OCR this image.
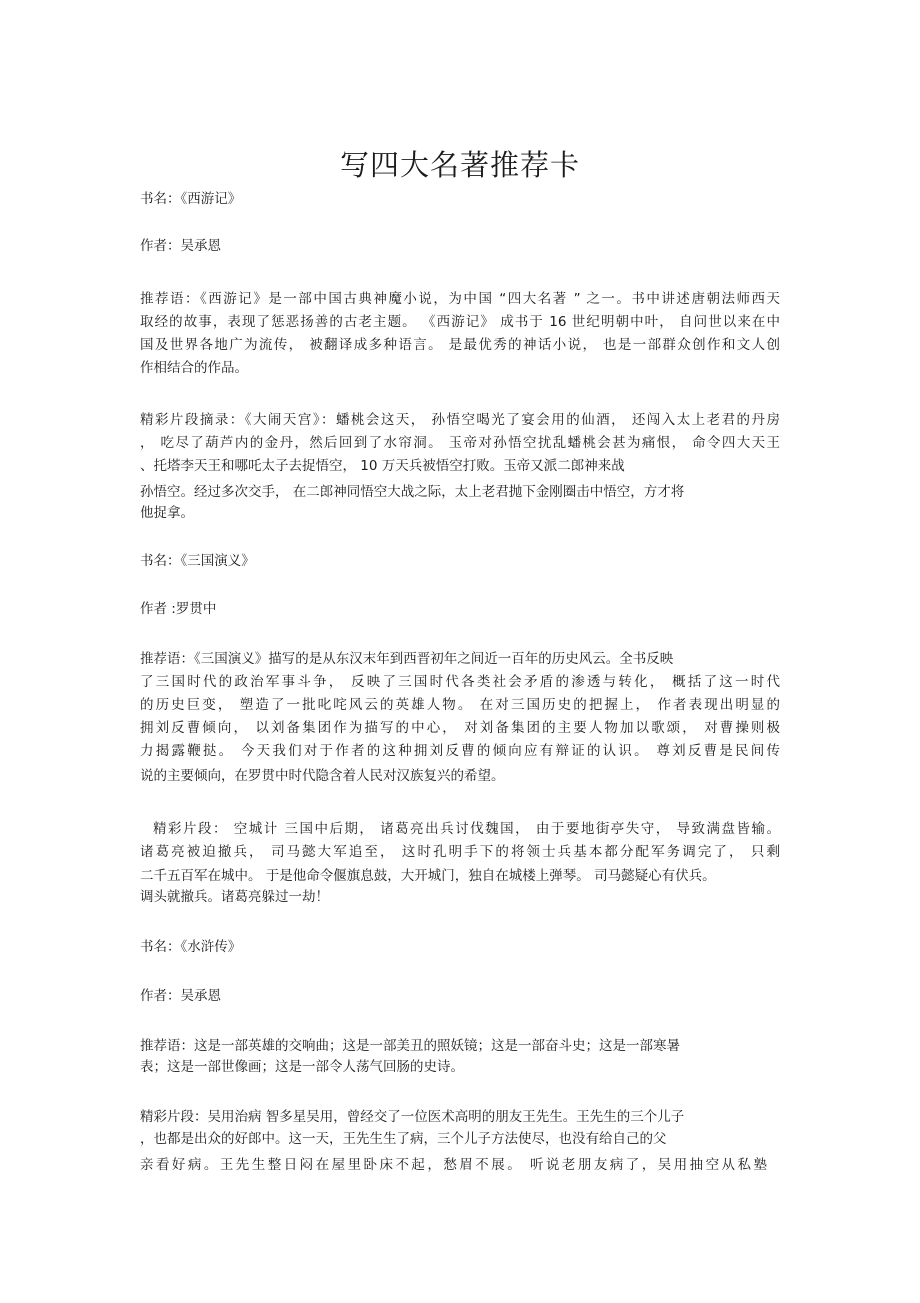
写四大名著推荐卡
书名：《西游记》
作者：吴承恩
推荐语：《西游记》是一部中国古典神魔小说，为中国 “四大名著 ” 之一。书中讲述唐朝法师西天
取经的故事，表现了惩恶扬善的古老主题。 《西游记》 成书于 16 世纪明朝中叶， 自问世以来在中
国及世界各地广为流传， 被翻译成多种语言。 是最优秀的神话小说， 也是一部群众创作和文人创
作相结合的作品。
精彩片段摘录：《大闹天宫》：蟠桃会这天， 孙悟空喝光了宴会用的仙酒， 还闯入太上老君的丹房
， 吃尽了葫芦内的金丹，然后回到了水帘洞。 玉帝对孙悟空扰乱蟠桃会甚为痛恨， 命令四大天王
、托塔李天王和哪吒太子去捉悟空， 10 万天兵被悟空打败。玉帝又派二郎神来战
孙悟空。经过多次交手， 在二郎神同悟空大战之际，太上老君抛下金刚圈击中悟空，方才将
他捉拿。
书名：《三国演义》
作者 :罗贯中
推荐语：《三国演义》描写的是从东汉末年到西晋初年之间近一百年的历史风云。全书反映
了三国时代的政治军事斗争， 反映了三国时代各类社会矛盾的渗透与转化， 概括了这一时代
的历史巨变， 塑造了一批叱咤风云的英雄人物。 在对三国历史的把握上， 作者表现出明显的
拥刘反曹倾向， 以刘备集团作为描写的中心， 对刘备集团的主要人物加以歌颂， 对曹操则极
力揭露鞭挞。 今天我们对于作者的这种拥刘反曹的倾向应有辩证的认识。 尊刘反曹是民间传
说的主要倾向，在罗贯中时代隐含着人民对汉族复兴的希望。
精彩片段： 空城计 三国中后期， 诸葛亮出兵讨伐魏国， 由于要地街亭失守， 导致满盘皆输。
诸葛亮被迫撤兵， 司马懿大军追至， 这时孔明手下的将领士兵基本都分配军务调完了， 只剩
二千五百军在城中。 于是他命令偃旗息鼓，大开城门，独自在城楼上弹琴。 司马懿疑心有伏兵。
调头就撤兵。诸葛亮躲过一劫！
书名：《水浒传》
作者：吴承恩
推荐语：这是一部英雄的交响曲；这是一部美丑的照妖镜；这是一部奋斗史；这是一部寒暑
表；这是一部世像画；这是一部令人荡气回肠的史诗。
精彩片段：吴用治病 智多星吴用，曾经交了一位医术高明的朋友王先生。王先生的三个儿子
，也都是出众的好郎中。这一天，王先生生了病，三个儿子方法使尽，也没有给自己的父
亲看好病。王先生整日闷在屋里卧床不起，愁眉不展。 听说老朋友病了，吴用抽空从私塾
